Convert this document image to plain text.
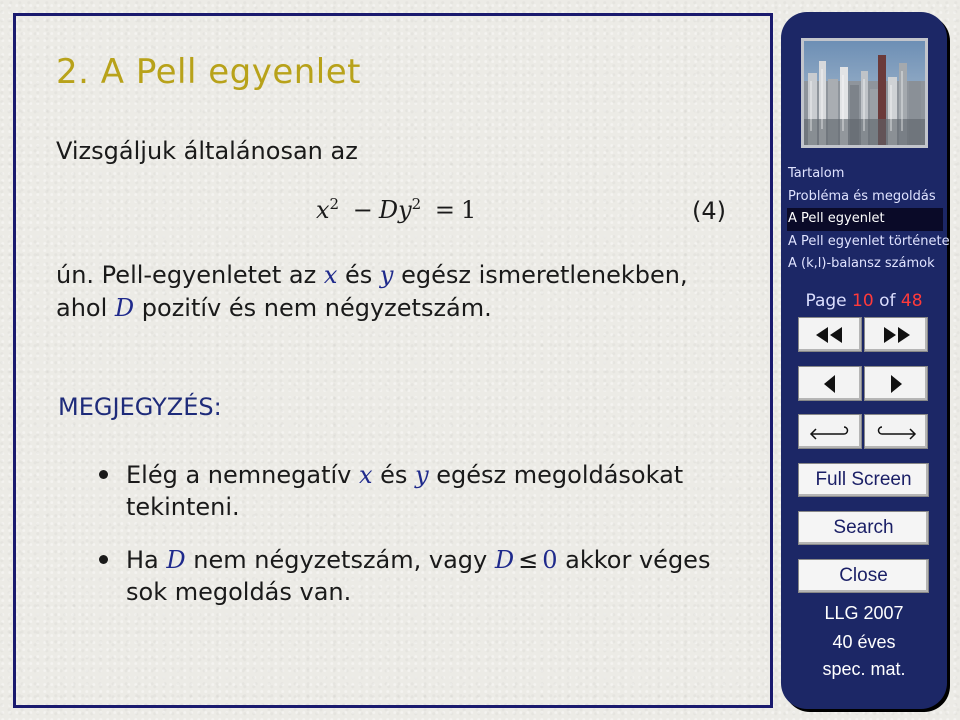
2. A Pell egyenlet
Vizsgáljuk általánosan az
$x^2 - Dy^2 = 1$	(4)
ún. Pell-egyenletet az x és y egész ismeretlenekben, ahol D pozitív és nem négyzetszám.
MEGJEGYZÉS:
Elég a nemnegatív x és y egész megoldásokat tekinteni.
Ha D nem négyzetszám, vagy D ≤ 0 akkor véges sok megoldás van.
Tartalom
Probléma és megoldás
A Pell egyenlet
A Pell egyenlet története
A (k,l)-balansz számok
Page 10 of 48
Full Screen
Search
Close
LLG 2007
40 éves
spec. mat.
